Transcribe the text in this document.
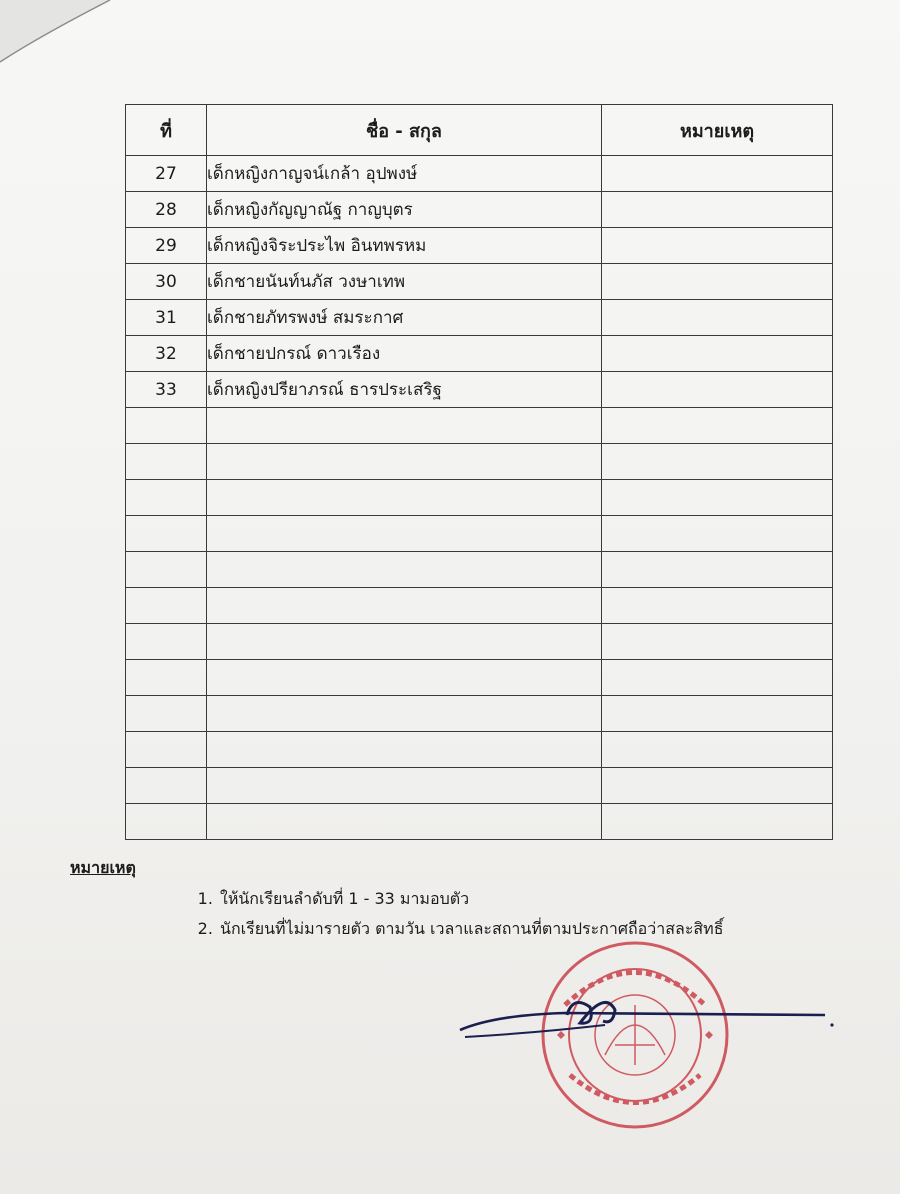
ที่	ชื่อ - สกุล	หมายเหตุ
27	เด็กหญิงกาญจน์เกล้า อุปพงษ์	
28	เด็กหญิงกัญญาณัฐ กาญบุตร	
29	เด็กหญิงจิระประไพ อินทพรหม	
30	เด็กชายนันท์นภัส วงษาเทพ	
31	เด็กชายภัทรพงษ์ สมระกาศ	
32	เด็กชายปกรณ์ ดาวเรือง	
33	เด็กหญิงปรียาภรณ์ ธารประเสริฐ	

หมายเหตุ
1. ให้นักเรียนลำดับที่ 1 - 33 มามอบตัว
2. นักเรียนที่ไม่มารายตัว ตามวัน เวลาและสถานที่ตามประกาศถือว่าสละสิทธิ์
